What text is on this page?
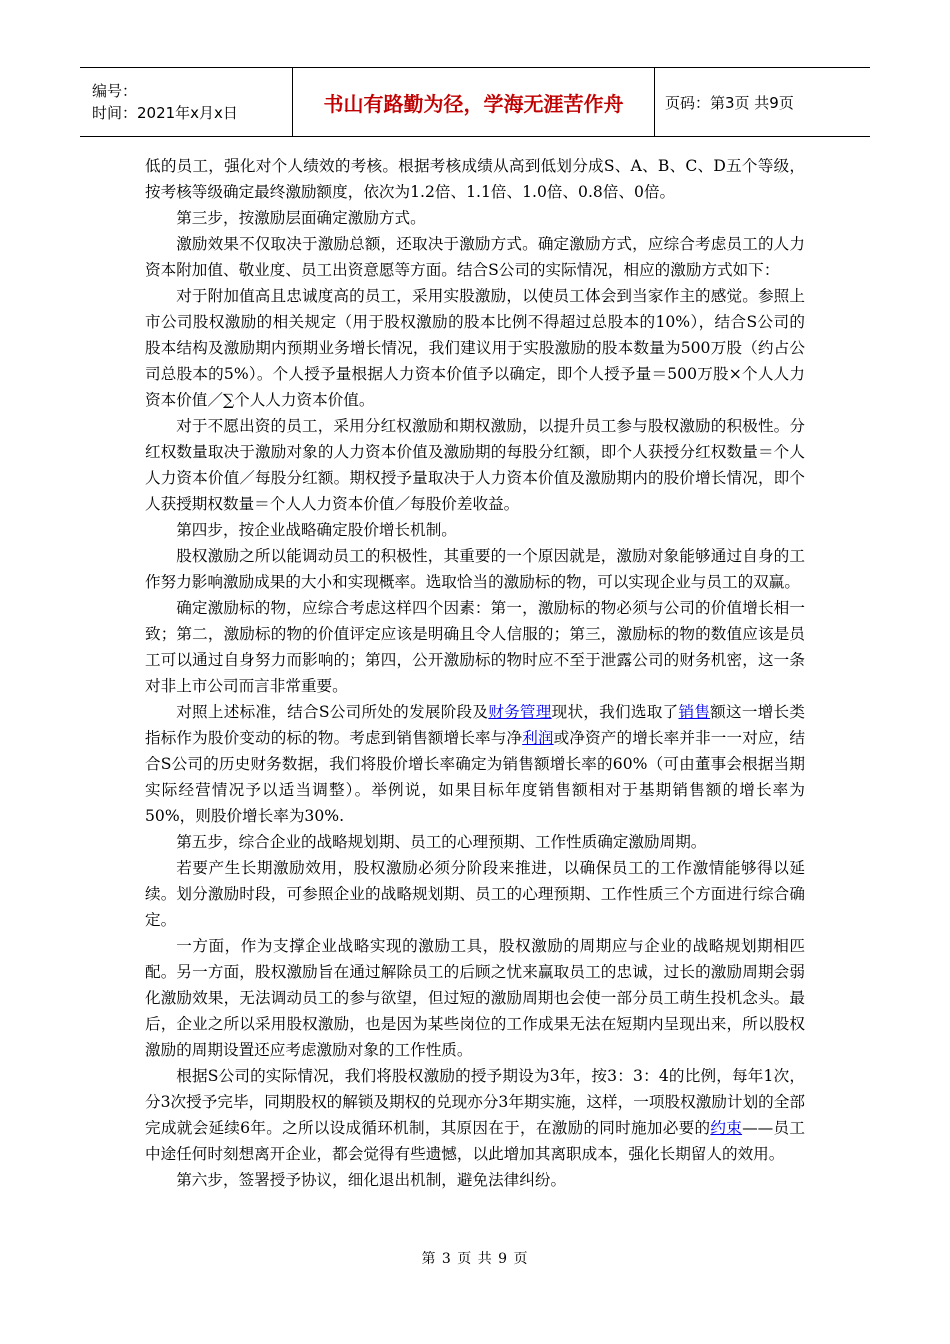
编号：
时间：2021年x月x日	书山有路勤为径，学海无涯苦作舟	页码：第3页 共9页

低的员工，强化对个人绩效的考核。根据考核成绩从高到低划分成S、A、B、C、D五个等级，按考核等级确定最终激励额度，依次为1.2倍、1.1倍、1.0倍、0.8倍、0倍。

第三步，按激励层面确定激励方式。

激励效果不仅取决于激励总额，还取决于激励方式。确定激励方式，应综合考虑员工的人力资本附加值、敬业度、员工出资意愿等方面。结合S公司的实际情况，相应的激励方式如下：

对于附加值高且忠诚度高的员工，采用实股激励，以使员工体会到当家作主的感觉。参照上市公司股权激励的相关规定（用于股权激励的股本比例不得超过总股本的10%），结合S公司的股本结构及激励期内预期业务增长情况，我们建议用于实股激励的股本数量为500万股（约占公司总股本的5%）。个人授予量根据人力资本价值予以确定，即个人授予量＝500万股×个人人力资本价值／∑个人人力资本价值。

对于不愿出资的员工，采用分红权激励和期权激励，以提升员工参与股权激励的积极性。分红权数量取决于激励对象的人力资本价值及激励期的每股分红额，即个人获授分红权数量＝个人人力资本价值／每股分红额。期权授予量取决于人力资本价值及激励期内的股价增长情况，即个人获授期权数量＝个人人力资本价值／每股价差收益。

第四步，按企业战略确定股价增长机制。

股权激励之所以能调动员工的积极性，其重要的一个原因就是，激励对象能够通过自身的工作努力影响激励成果的大小和实现概率。选取恰当的激励标的物，可以实现企业与员工的双赢。

确定激励标的物，应综合考虑这样四个因素：第一，激励标的物必须与公司的价值增长相一致；第二，激励标的物的价值评定应该是明确且令人信服的；第三，激励标的物的数值应该是员工可以通过自身努力而影响的；第四，公开激励标的物时应不至于泄露公司的财务机密，这一条对非上市公司而言非常重要。

对照上述标准，结合S公司所处的发展阶段及财务管理现状，我们选取了销售额这一增长类指标作为股价变动的标的物。考虑到销售额增长率与净利润或净资产的增长率并非一一对应，结合S公司的历史财务数据，我们将股价增长率确定为销售额增长率的60%（可由董事会根据当期实际经营情况予以适当调整）。举例说，如果目标年度销售额相对于基期销售额的增长率为50%，则股价增长率为30%.

第五步，综合企业的战略规划期、员工的心理预期、工作性质确定激励周期。

若要产生长期激励效用，股权激励必须分阶段来推进，以确保员工的工作激情能够得以延续。划分激励时段，可参照企业的战略规划期、员工的心理预期、工作性质三个方面进行综合确定。

一方面，作为支撑企业战略实现的激励工具，股权激励的周期应与企业的战略规划期相匹配。另一方面，股权激励旨在通过解除员工的后顾之忧来赢取员工的忠诚，过长的激励周期会弱化激励效果，无法调动员工的参与欲望，但过短的激励周期也会使一部分员工萌生投机念头。最后，企业之所以采用股权激励，也是因为某些岗位的工作成果无法在短期内呈现出来，所以股权激励的周期设置还应考虑激励对象的工作性质。

根据S公司的实际情况，我们将股权激励的授予期设为3年，按3：3：4的比例，每年1次，分3次授予完毕，同期股权的解锁及期权的兑现亦分3年期实施，这样，一项股权激励计划的全部完成就会延续6年。之所以设成循环机制，其原因在于，在激励的同时施加必要的约束——员工中途任何时刻想离开企业，都会觉得有些遗憾，以此增加其离职成本，强化长期留人的效用。

第六步，签署授予协议，细化退出机制，避免法律纠纷。

第 3 页 共 9 页
